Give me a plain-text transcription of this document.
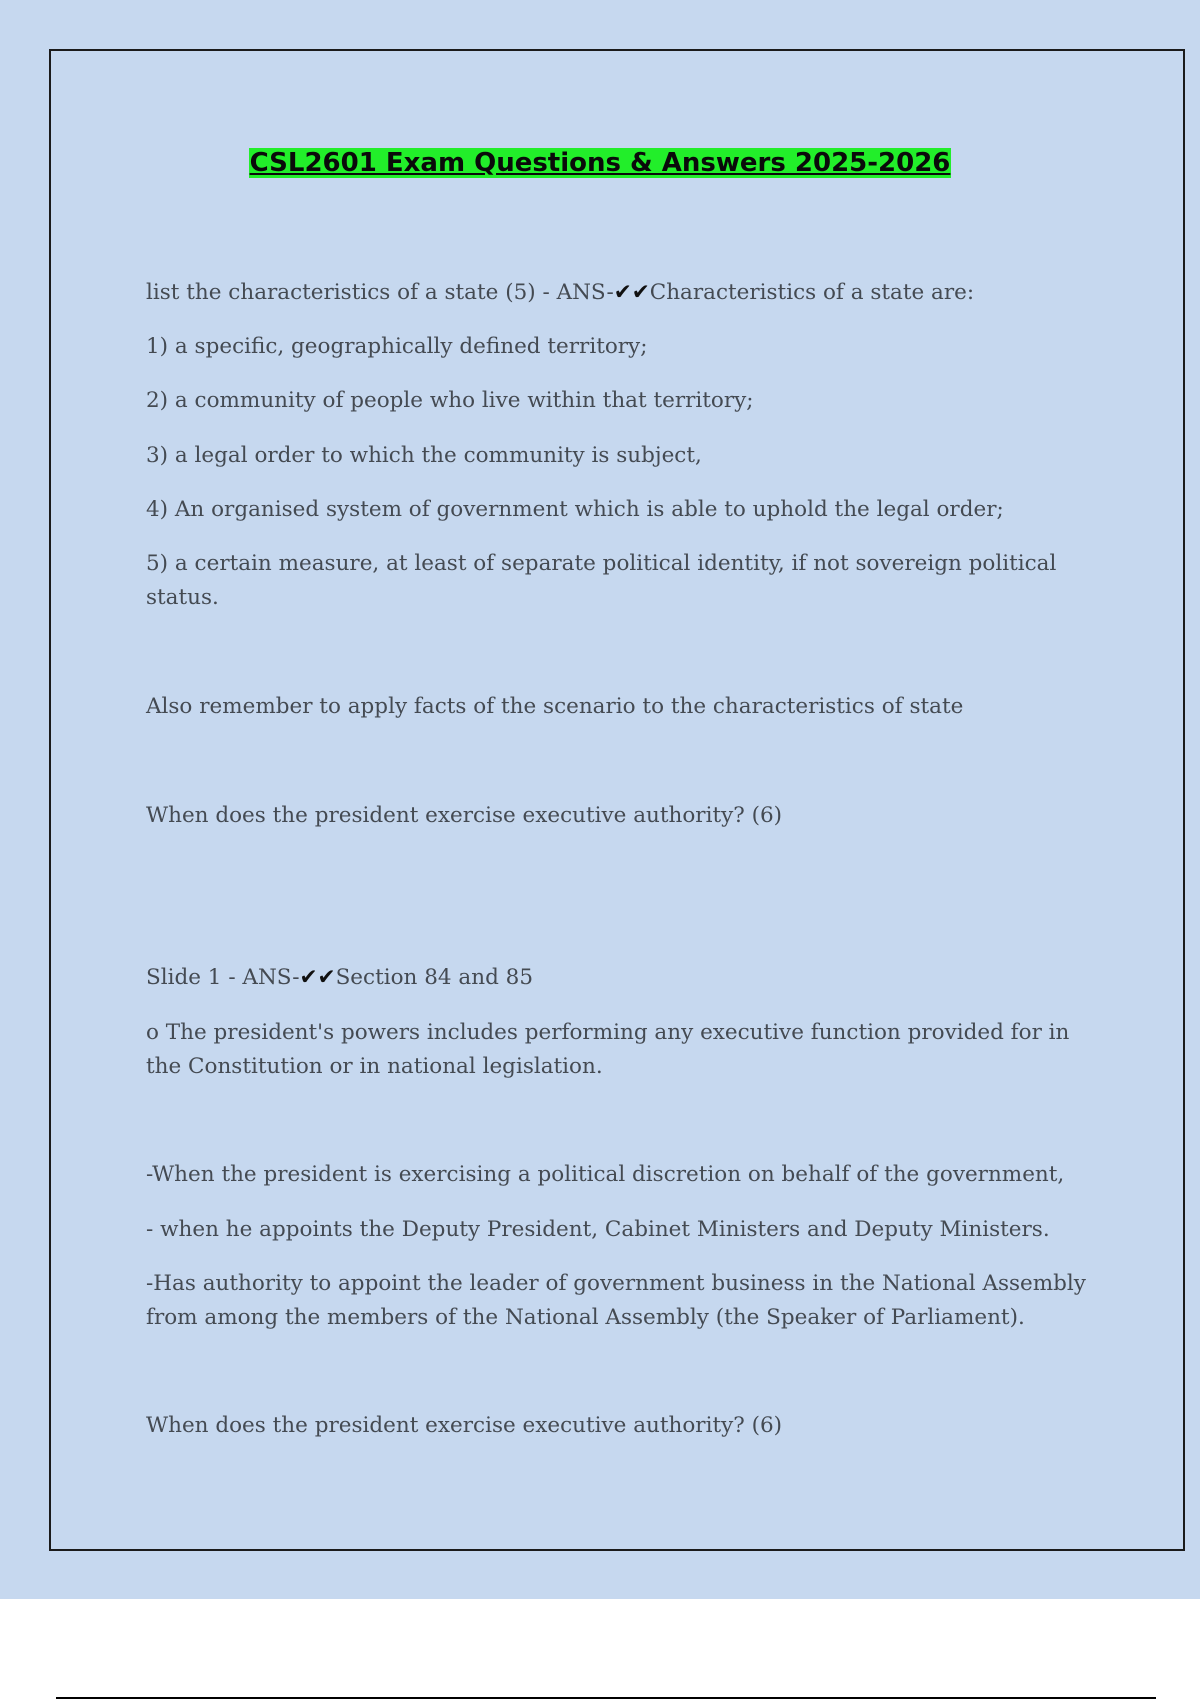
CSL2601 Exam Questions & Answers 2025-2026
list the characteristics of a state (5) - ANS-✔✔Characteristics of a state are:
1) a specific, geographically defined territory;
2) a community of people who live within that territory;
3) a legal order to which the community is subject,
4) An organised system of government which is able to uphold the legal order;
5) a certain measure, at least of separate political identity, if not sovereign political status.
Also remember to apply facts of the scenario to the characteristics of state
When does the president exercise executive authority? (6)
Slide 1 - ANS-✔✔Section 84 and 85
o The president's powers includes performing any executive function provided for in the Constitution or in national legislation.
-When the president is exercising a political discretion on behalf of the government,
- when he appoints the Deputy President, Cabinet Ministers and Deputy Ministers.
-Has authority to appoint the leader of government business in the National Assembly from among the members of the National Assembly (the Speaker of Parliament).
When does the president exercise executive authority? (6)
